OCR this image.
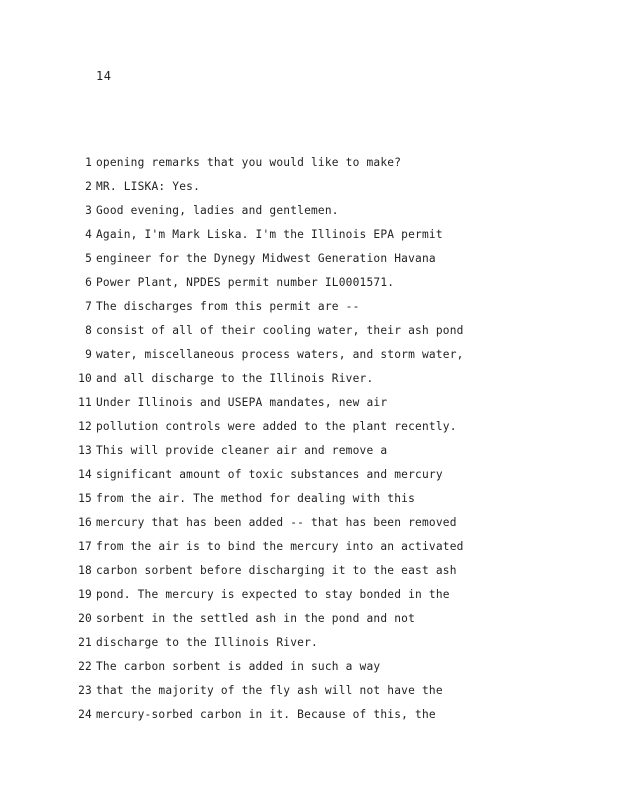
14
1 opening remarks that you would like to make?
2 MR. LISKA: Yes.
3 Good evening, ladies and gentlemen.
4 Again, I'm Mark Liska. I'm the Illinois EPA permit
5 engineer for the Dynegy Midwest Generation Havana
6 Power Plant, NPDES permit number IL0001571.
7 The discharges from this permit are --
8 consist of all of their cooling water, their ash pond
9 water, miscellaneous process waters, and storm water,
10 and all discharge to the Illinois River.
11 Under Illinois and USEPA mandates, new air
12 pollution controls were added to the plant recently.
13 This will provide cleaner air and remove a
14 significant amount of toxic substances and mercury
15 from the air. The method for dealing with this
16 mercury that has been added -- that has been removed
17 from the air is to bind the mercury into an activated
18 carbon sorbent before discharging it to the east ash
19 pond. The mercury is expected to stay bonded in the
20 sorbent in the settled ash in the pond and not
21 discharge to the Illinois River.
22 The carbon sorbent is added in such a way
23 that the majority of the fly ash will not have the
24 mercury-sorbed carbon in it. Because of this, the
